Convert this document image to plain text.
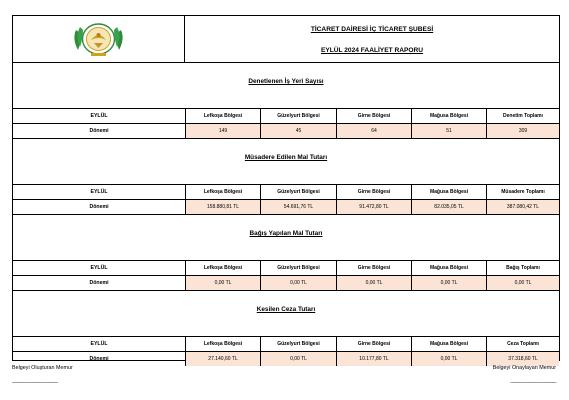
TİCARET DAİRESİ İÇ TİCARET ŞUBESİ
EYLÜL 2024 FAALİYET RAPORU
Denetlenen İş Yeri Sayısı
EYLÜL	Lefkoşa Bölgesi	Güzelyurt Bölgesi	Girne Bölgesi	Mağusa Bölgesi	Denetim Toplamı
Dönemi	149	45	64	51	309
Müsadere Edilen Mal Tutarı
EYLÜL	Lefkoşa Bölgesi	Güzelyurt Bölgesi	Girne Bölgesi	Mağusa Bölgesi	Müsadere Toplamı
Dönemi	158.880,81 TL	54.691,76 TL	91.472,80 TL	82.035,05 TL	387.080,42 TL
Bağış Yapılan Mal Tutarı
EYLÜL	Lefkoşa Bölgesi	Güzelyurt Bölgesi	Girne Bölgesi	Mağusa Bölgesi	Bağış Toplamı
Dönemi	0,00 TL	0,00 TL	0,00 TL	0,00 TL	0,00 TL
Kesilen Ceza Tutarı
EYLÜL	Lefkoşa Bölgesi	Güzelyurt Bölgesi	Girne Bölgesi	Mağusa Bölgesi	Ceza Toplamı
Dönemi	27.140,60 TL	0,00 TL	10.177,80 TL	0,00 TL	37.318,60 TL
Belgeyi Oluşturan Memur	Belgeyi Onaylayan Memur
____________________	____________________
